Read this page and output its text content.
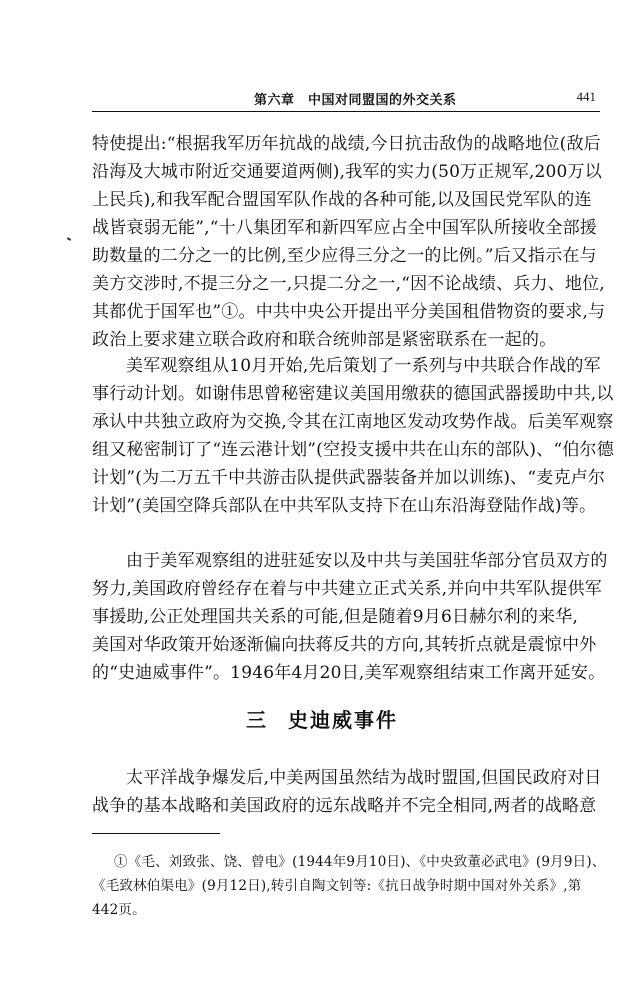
第六章　中国对同盟国的外交关系	441

特使提出:“根据我军历年抗战的战绩,今日抗击敌伪的战略地位(敌后
沿海及大城市附近交通要道两侧),我军的实力(50万正规军,200万以
上民兵),和我军配合盟国军队作战的各种可能,以及国民党军队的连
战皆衰弱无能”,“十八集团军和新四军应占全中国军队所接收全部援
助数量的二分之一的比例,至少应得三分之一的比例。”后又指示在与
美方交涉时,不提三分之一,只提二分之一,“因不论战绩、兵力、地位,
其都优于国军也”①。中共中央公开提出平分美国租借物资的要求,与
政治上要求建立联合政府和联合统帅部是紧密联系在一起的。

美军观察组从10月开始,先后策划了一系列与中共联合作战的军
事行动计划。如谢伟思曾秘密建议美国用缴获的德国武器援助中共,以
承认中共独立政府为交换,令其在江南地区发动攻势作战。后美军观察
组又秘密制订了“连云港计划”(空投支援中共在山东的部队)、“伯尔德
计划”(为二万五千中共游击队提供武器装备并加以训练)、“麦克卢尔
计划”(美国空降兵部队在中共军队支持下在山东沿海登陆作战)等。

由于美军观察组的进驻延安以及中共与美国驻华部分官员双方的
努力,美国政府曾经存在着与中共建立正式关系,并向中共军队提供军
事援助,公正处理国共关系的可能,但是随着9月6日赫尔利的来华,
美国对华政策开始逐渐偏向扶蒋反共的方向,其转折点就是震惊中外
的“史迪威事件”。1946年4月20日,美军观察组结束工作离开延安。

三 史迪威事件

太平洋战争爆发后,中美两国虽然结为战时盟国,但国民政府对日
战争的基本战略和美国政府的远东战略并不完全相同,两者的战略意

①《毛、刘致张、饶、曾电》(1944年9月10日)、《中央致董必武电》(9月9日)、
《毛致林伯渠电》(9月12日),转引自陶文钊等:《抗日战争时期中国对外关系》,第
442页。
